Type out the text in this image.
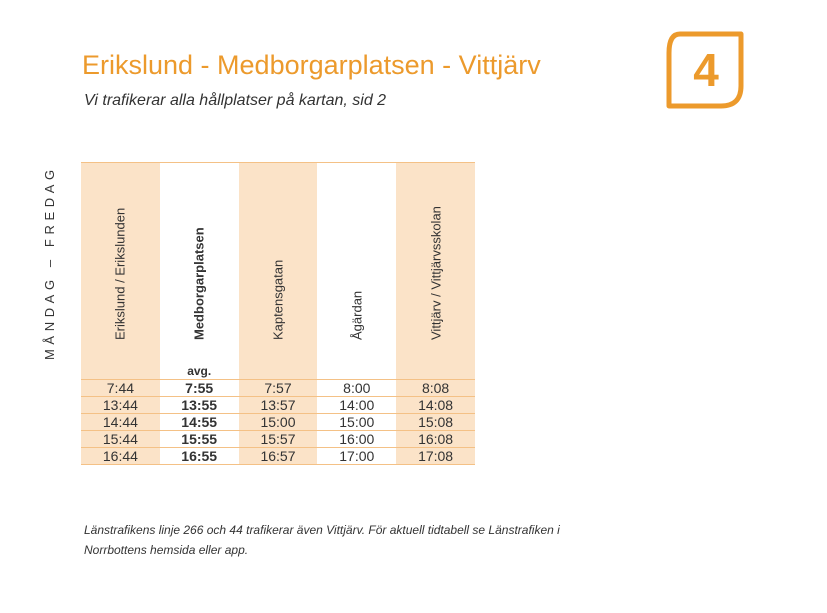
Erikslund - Medborgarplatsen - Vittjärv

Vi trafikerar alla hållplatser på kartan, sid 2

4
MÅNDAG – FREDAG	Erikslund / Erikslunden	Medborgarplatsen	Kaptensgatan	Ågärdan	Vittjärv / Vittjärvsskolan
avg.
7:44	7:55	7:57	8:00	8:08
13:44	13:55	13:57	14:00	14:08
14:44	14:55	15:00	15:00	15:08
15:44	15:55	15:57	16:00	16:08
16:44	16:55	16:57	17:00	17:08

Länstrafikens linje 266 och 44 trafikerar även Vittjärv. För aktuell tidtabell se Länstrafiken i Norrbottens hemsida eller app.
